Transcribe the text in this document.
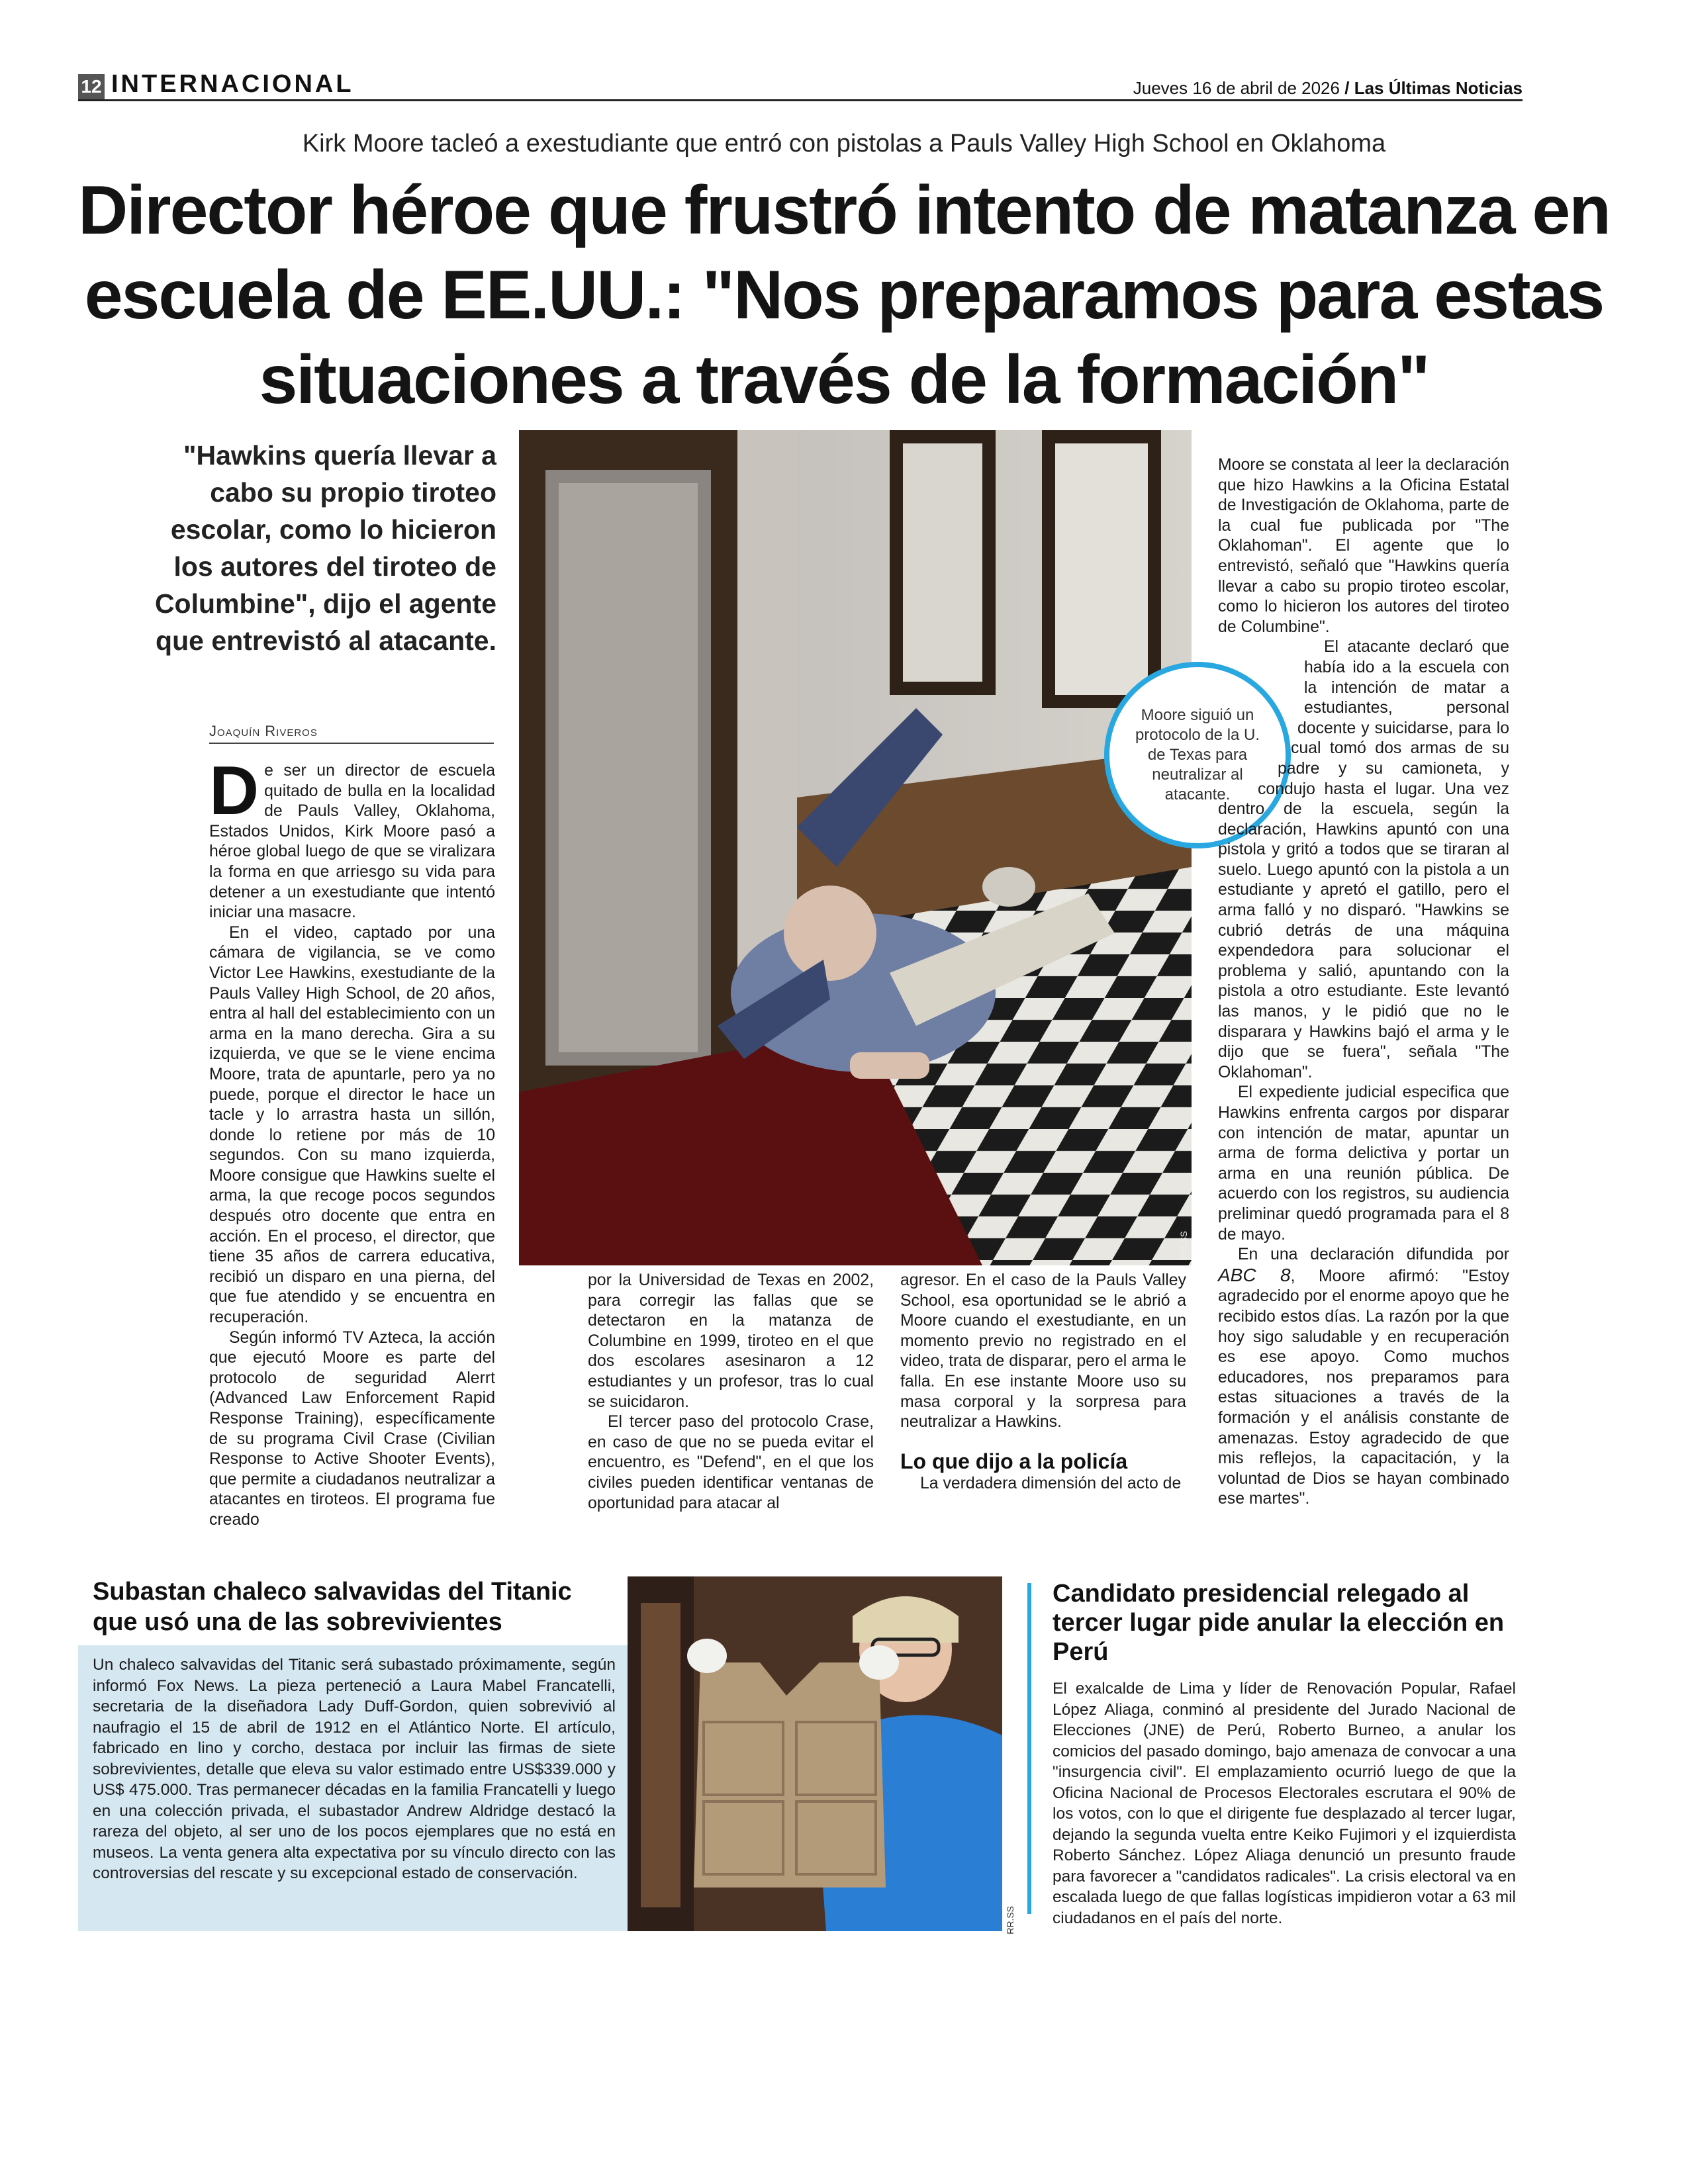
12 INTERNACIONAL	Jueves 16 de abril de 2026 / Las Últimas Noticias
Kirk Moore tacleó a exestudiante que entró con pistolas a Pauls Valley High School en Oklahoma
Director héroe que frustró intento de matanza en
escuela de EE.UU.: "Nos preparamos para estas
situaciones a través de la formación"
"Hawkins quería llevar a cabo su propio tiroteo escolar, como lo hicieron los autores del tiroteo de Columbine", dijo el agente que entrevistó al atacante.
Joaquín Riveros

De ser un director de escuela quitado de bulla en la localidad de Pauls Valley, Oklahoma, Estados Unidos, Kirk Moore pasó a héroe global luego de que se viralizara la forma en que arriesgo su vida para detener a un exestudiante que intentó iniciar una masacre.

En el video, captado por una cámara de vigilancia, se ve como Victor Lee Hawkins, exestudiante de la Pauls Valley High School, de 20 años, entra al hall del establecimiento con un arma en la mano derecha. Gira a su izquierda, ve que se le viene encima Moore, trata de apuntarle, pero ya no puede, porque el director le hace un tacle y lo arrastra hasta un sillón, donde lo retiene por más de 10 segundos. Con su mano izquierda, Moore consigue que Hawkins suelte el arma, la que recoge pocos segundos después otro docente que entra en acción. En el proceso, el director, que tiene 35 años de carrera educativa, recibió un disparo en una pierna, del que fue atendido y se encuentra en recuperación.

Según informó TV Azteca, la acción que ejecutó Moore es parte del protocolo de seguridad Alerrt (Advanced Law Enforcement Rapid Response Training), específicamente de su programa Civil Crase (Civilian Response to Active Shooter Events), que permite a ciudadanos neutralizar a atacantes en tiroteos. El programa fue creado

RR.SS
Moore siguió un protocolo de la U. de Texas para neutralizar al atacante.

por la Universidad de Texas en 2002, para corregir las fallas que se detectaron en la matanza de Columbine en 1999, tiroteo en el que dos escolares asesinaron a 12 estudiantes y un profesor, tras lo cual se suicidaron.

El tercer paso del protocolo Crase, en caso de que no se pueda evitar el encuentro, es "Defend", en el que los civiles pueden identificar ventanas de oportunidad para atacar al

agresor. En el caso de la Pauls Valley School, esa oportunidad se le abrió a Moore cuando el exestudiante, en un momento previo no registrado en el video, trata de disparar, pero el arma le falla. En ese instante Moore uso su masa corporal y la sorpresa para neutralizar a Hawkins.

Lo que dijo a la policía

La verdadera dimensión del acto de

Moore se constata al leer la declaración que hizo Hawkins a la Oficina Estatal de Investigación de Oklahoma, parte de la cual fue publicada por "The Oklahoman". El agente que lo entrevistó, señaló que "Hawkins quería llevar a cabo su propio tiroteo escolar, como lo hicieron los autores del tiroteo de Columbine".

El atacante declaró que había ido a la escuela con la intención de matar a estudiantes, personal docente y suicidarse, para lo cual tomó dos armas de su padre y su camioneta, y condujo hasta el lugar. Una vez dentro de la escuela, según la declaración, Hawkins apuntó con una pistola y gritó a todos que se tiraran al suelo. Luego apuntó con la pistola a un estudiante y apretó el gatillo, pero el arma falló y no disparó. "Hawkins se cubrió detrás de una máquina expendedora para solucionar el problema y salió, apuntando con la pistola a otro estudiante. Este levantó las manos, y le pidió que no le disparara y Hawkins bajó el arma y le dijo que se fuera", señala "The Oklahoman".

El expediente judicial especifica que Hawkins enfrenta cargos por disparar con intención de matar, apuntar un arma de forma delictiva y portar un arma en una reunión pública. De acuerdo con los registros, su audiencia preliminar quedó programada para el 8 de mayo.

En una declaración difundida por ABC 8, Moore afirmó: "Estoy agradecido por el enorme apoyo que he recibido estos días. La razón por la que hoy sigo saludable y en recuperación es ese apoyo. Como muchos educadores, nos preparamos para estas situaciones a través de la formación y el análisis constante de amenazas. Estoy agradecido de que mis reflejos, la capacitación, y la voluntad de Dios se hayan combinado ese martes".

Subastan chaleco salvavidas del Titanic que usó una de las sobrevivientes
Un chaleco salvavidas del Titanic será subastado próximamente, según informó Fox News. La pieza perteneció a Laura Mabel Francatelli, secretaria de la diseñadora Lady Duff-Gordon, quien sobrevivió al naufragio el 15 de abril de 1912 en el Atlántico Norte. El artículo, fabricado en lino y corcho, destaca por incluir las firmas de siete sobrevivientes, detalle que eleva su valor estimado entre US$339.000 y US$ 475.000. Tras permanecer décadas en la familia Francatelli y luego en una colección privada, el subastador Andrew Aldridge destacó la rareza del objeto, al ser uno de los pocos ejemplares que no está en museos. La venta genera alta expectativa por su vínculo directo con las controversias del rescate y su excepcional estado de conservación.
RR.SS
Candidato presidencial relegado al tercer lugar pide anular la elección en Perú
El exalcalde de Lima y líder de Renovación Popular, Rafael López Aliaga, conminó al presidente del Jurado Nacional de Elecciones (JNE) de Perú, Roberto Burneo, a anular los comicios del pasado domingo, bajo amenaza de convocar a una "insurgencia civil". El emplazamiento ocurrió luego de que la Oficina Nacional de Procesos Electorales escrutara el 90% de los votos, con lo que el dirigente fue desplazado al tercer lugar, dejando la segunda vuelta entre Keiko Fujimori y el izquierdista Roberto Sánchez. López Aliaga denunció un presunto fraude para favorecer a "candidatos radicales". La crisis electoral va en escalada luego de que fallas logísticas impidieron votar a 63 mil ciudadanos en el país del norte.
